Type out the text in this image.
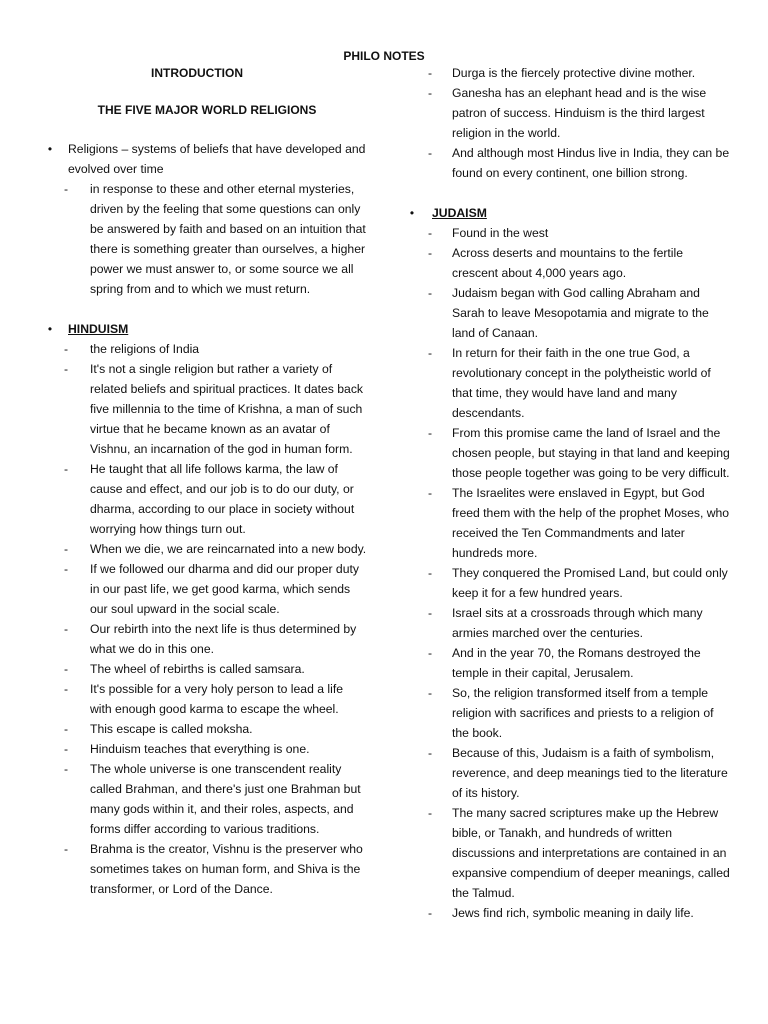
PHILO NOTES
INTRODUCTION
THE FIVE MAJOR WORLD RELIGIONS
•	Religions – systems of beliefs that have developed and evolved over time
- in response to these and other eternal mysteries, driven by the feeling that some questions can only be answered by faith and based on an intuition that there is something greater than ourselves, a higher power we must answer to, or some source we all spring from and to which we must return.
•	HINDUISM
- the religions of India
- It's not a single religion but rather a variety of related beliefs and spiritual practices. It dates back five millennia to the time of Krishna, a man of such virtue that he became known as an avatar of Vishnu, an incarnation of the god in human form.
- He taught that all life follows karma, the law of cause and effect, and our job is to do our duty, or dharma, according to our place in society without worrying how things turn out.
- When we die, we are reincarnated into a new body.
- If we followed our dharma and did our proper duty in our past life, we get good karma, which sends our soul upward in the social scale.
- Our rebirth into the next life is thus determined by what we do in this one.
- The wheel of rebirths is called samsara.
- It's possible for a very holy person to lead a life with enough good karma to escape the wheel.
- This escape is called moksha.
- Hinduism teaches that everything is one.
- The whole universe is one transcendent reality called Brahman, and there's just one Brahman but many gods within it, and their roles, aspects, and forms differ according to various traditions.
- Brahma is the creator, Vishnu is the preserver who sometimes takes on human form, and Shiva is the transformer, or Lord of the Dance.
- Durga is the fiercely protective divine mother.
- Ganesha has an elephant head and is the wise patron of success. Hinduism is the third largest religion in the world.
- And although most Hindus live in India, they can be found on every continent, one billion strong.
•	JUDAISM
- Found in the west
- Across deserts and mountains to the fertile crescent about 4,000 years ago.
- Judaism began with God calling Abraham and Sarah to leave Mesopotamia and migrate to the land of Canaan.
- In return for their faith in the one true God, a revolutionary concept in the polytheistic world of that time, they would have land and many descendants.
- From this promise came the land of Israel and the chosen people, but staying in that land and keeping those people together was going to be very difficult.
- The Israelites were enslaved in Egypt, but God freed them with the help of the prophet Moses, who received the Ten Commandments and later hundreds more.
- They conquered the Promised Land, but could only keep it for a few hundred years.
- Israel sits at a crossroads through which many armies marched over the centuries.
- And in the year 70, the Romans destroyed the temple in their capital, Jerusalem.
- So, the religion transformed itself from a temple religion with sacrifices and priests to a religion of the book.
- Because of this, Judaism is a faith of symbolism, reverence, and deep meanings tied to the literature of its history.
- The many sacred scriptures make up the Hebrew bible, or Tanakh, and hundreds of written discussions and interpretations are contained in an expansive compendium of deeper meanings, called the Talmud.
- Jews find rich, symbolic meaning in daily life.
